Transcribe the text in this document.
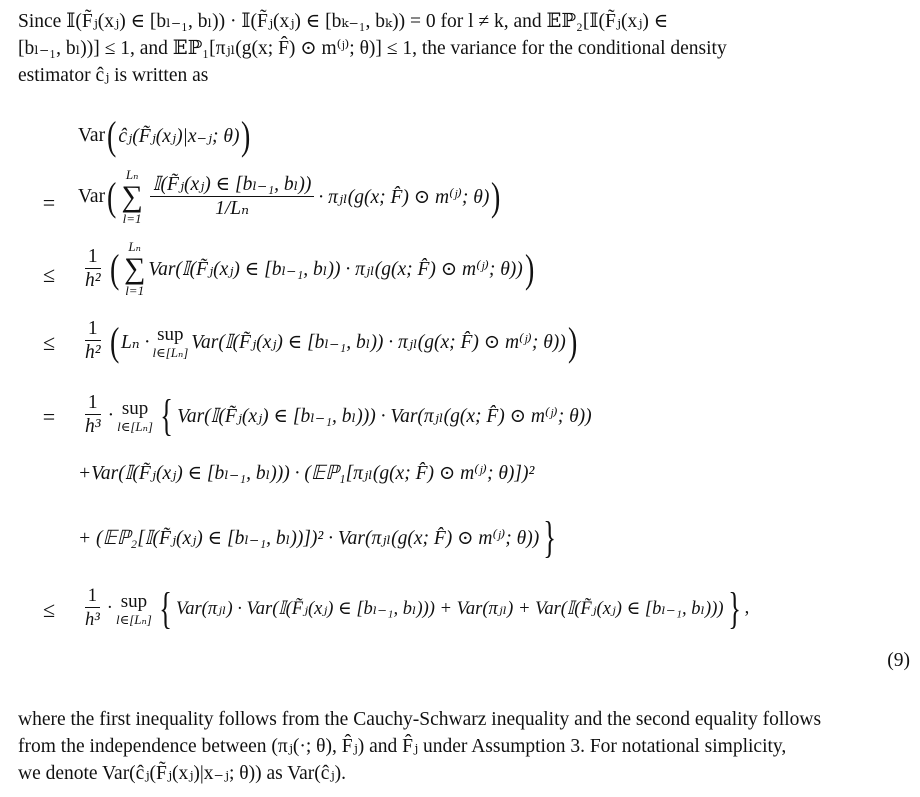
Since 𝕀(F̃ⱼ(xⱼ) ∈ [bₗ₋₁, bₗ)) · 𝕀(F̃ⱼ(xⱼ) ∈ [bₖ₋₁, bₖ)) = 0 for l ≠ k, and 𝔼ℙ₂[𝕀(F̃ⱼ(xⱼ) ∈
[bₗ₋₁, bₗ))] ≤ 1, and 𝔼ℙ₁[πⱼₗ(g(x; F̂) ⊙ m⁽ʲ⁾; θ)] ≤ 1, the variance for the conditional density
estimator ĉⱼ is written as
Var ( ĉⱼ(F̃ⱼ(xⱼ)|x₋ⱼ; θ) )
= Var ( Lₙ
∑
$l=1 \frac{\text{𝕀(F̃ⱼ(xⱼ) ∈ [bₗ₋₁, bₗ))}}{\text{1/Lₙ}}$ · πⱼₗ(g(x; F̂) ⊙ m⁽ʲ⁾; θ) )
≤ $\frac{1}{\text{h²}}$ ( Lₙ
∑
l=1
Var(𝕀(F̃ⱼ(xⱼ) ∈ [bₗ₋₁, bₗ)) · πⱼₗ(g(x; F̂) ⊙ m⁽ʲ⁾; θ)) )
≤ $\frac{1}{\text{h²}}$ ( Lₙ · sup
l∈[Lₙ] Var(𝕀(F̃ⱼ(xⱼ) ∈ [bₗ₋₁, bₗ)) · πⱼₗ(g(x; F̂) ⊙ m⁽ʲ⁾; θ)) )
= $\frac{1}{\text{h³}}$ · sup
l∈[Lₙ] { Var(𝕀(F̃ⱼ(xⱼ) ∈ [bₗ₋₁, bₗ))) · Var(πⱼₗ(g(x; F̂) ⊙ m⁽ʲ⁾; θ))
+Var(𝕀(F̃ⱼ(xⱼ) ∈ [bₗ₋₁, bₗ))) · (𝔼ℙ₁[πⱼₗ(g(x; F̂) ⊙ m⁽ʲ⁾; θ)])²
+ (𝔼ℙ₂[𝕀(F̃ⱼ(xⱼ) ∈ [bₗ₋₁, bₗ))])² · Var(πⱼₗ(g(x; F̂) ⊙ m⁽ʲ⁾; θ)) }
≤ $\frac{1}{\text{h³}}$ · sup
l∈[Lₙ] { Var(πⱼₗ) · Var(𝕀(F̃ⱼ(xⱼ) ∈ [bₗ₋₁, bₗ))) + Var(πⱼₗ) + Var(𝕀(F̃ⱼ(xⱼ) ∈ [bₗ₋₁, bₗ))) } ,
(9)
where the first inequality follows from the Cauchy-Schwarz inequality and the second equality follows
from the independence between (πⱼ(·; θ), F̂ⱼ) and F̂ⱼ under Assumption 3. For notational simplicity,
we denote Var(ĉⱼ(F̃ⱼ(xⱼ)|x₋ⱼ; θ)) as Var(ĉⱼ).
